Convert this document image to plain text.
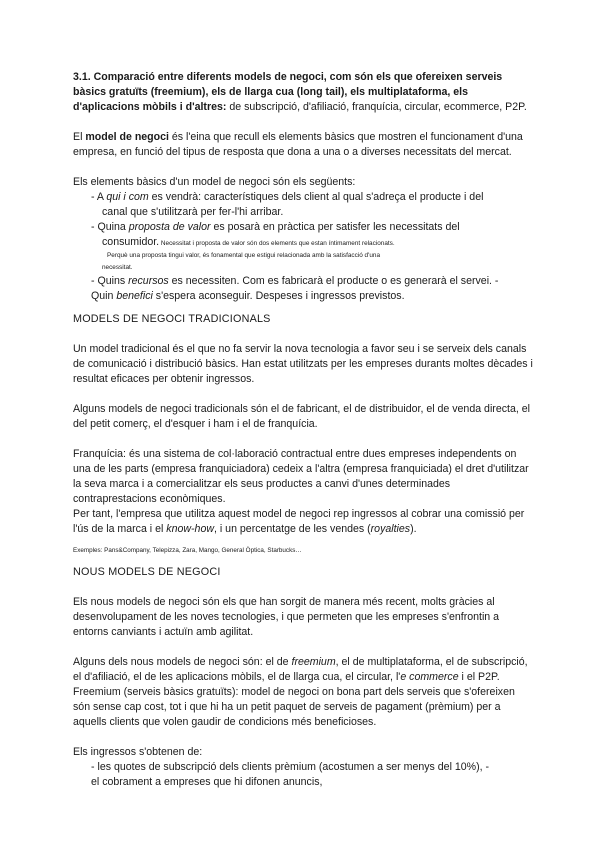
3.1. Comparació entre diferents models de negoci, com són els que ofereixen serveis bàsics gratuïts (freemium), els de llarga cua (long tail), els multiplataforma, els d'aplicacions mòbils i d'altres: de subscripció, d'afiliació, franquícia, circular, ecommerce, P2P.

El model de negoci és l'eina que recull els elements bàsics que mostren el funcionament d'una empresa, en funció del tipus de resposta que dona a una o a diverses necessitats del mercat.

Els elements bàsics d'un model de negoci són els següents:

- A qui i com es vendrà: característiques dels client al qual s'adreça el producte i del

canal que s'utilitzarà per fer-l'hi arribar.

- Quina proposta de valor es posarà en pràctica per satisfer les necessitats del

consumidor. Necessitat i proposta de valor són dos elements que estan íntimament relacionats.

Perquè una proposta tingui valor, és fonamental que estigui relacionada amb la satisfacció d'una

necessitat.

- Quins recursos es necessiten. Com es fabricarà el producte o es generarà el servei. -

Quin benefici s'espera aconseguir. Despeses i ingressos previstos.

MODELS DE NEGOCI TRADICIONALS

Un model tradicional és el que no fa servir la nova tecnologia a favor seu i se serveix dels canals de comunicació i distribució bàsics. Han estat utilitzats per les empreses durants moltes dècades i resultat eficaces per obtenir ingressos.

Alguns models de negoci tradicionals són el de fabricant, el de distribuidor, el de venda directa, el del petit comerç, el d'esquer i ham i el de franquícia.

Franquícia: és una sistema de col·laboració contractual entre dues empreses independents on una de les parts (empresa franquiciadora) cedeix a l'altra (empresa franquiciada) el dret d'utilitzar la seva marca i a comercialitzar els seus productes a canvi d'unes determinades contraprestacions econòmiques.

Per tant, l'empresa que utilitza aquest model de negoci rep ingressos al cobrar una comissió per l'ús de la marca i el know-how, i un percentatge de les vendes (royalties).

Exemples: Pans&Company, Telepizza, Zara, Mango, General Òptica, Starbucks…

NOUS MODELS DE NEGOCI

Els nous models de negoci són els que han sorgit de manera més recent, molts gràcies al desenvolupament de les noves tecnologies, i que permeten que les empreses s'enfrontin a entorns canviants i actuïn amb agilitat.

Alguns dels nous models de negoci són: el de freemium, el de multiplataforma, el de subscripció, el d'afiliació, el de les aplicacions mòbils, el de llarga cua, el circular, l'e commerce i el P2P.

Freemium (serveis bàsics gratuïts): model de negoci on bona part dels serveis que s'ofereixen són sense cap cost, tot i que hi ha un petit paquet de serveis de pagament (prèmium) per a aquells clients que volen gaudir de condicions més beneficioses.

Els ingressos s'obtenen de:

- les quotes de subscripció dels clients prèmium (acostumen a ser menys del 10%), -

el cobrament a empreses que hi difonen anuncis,
